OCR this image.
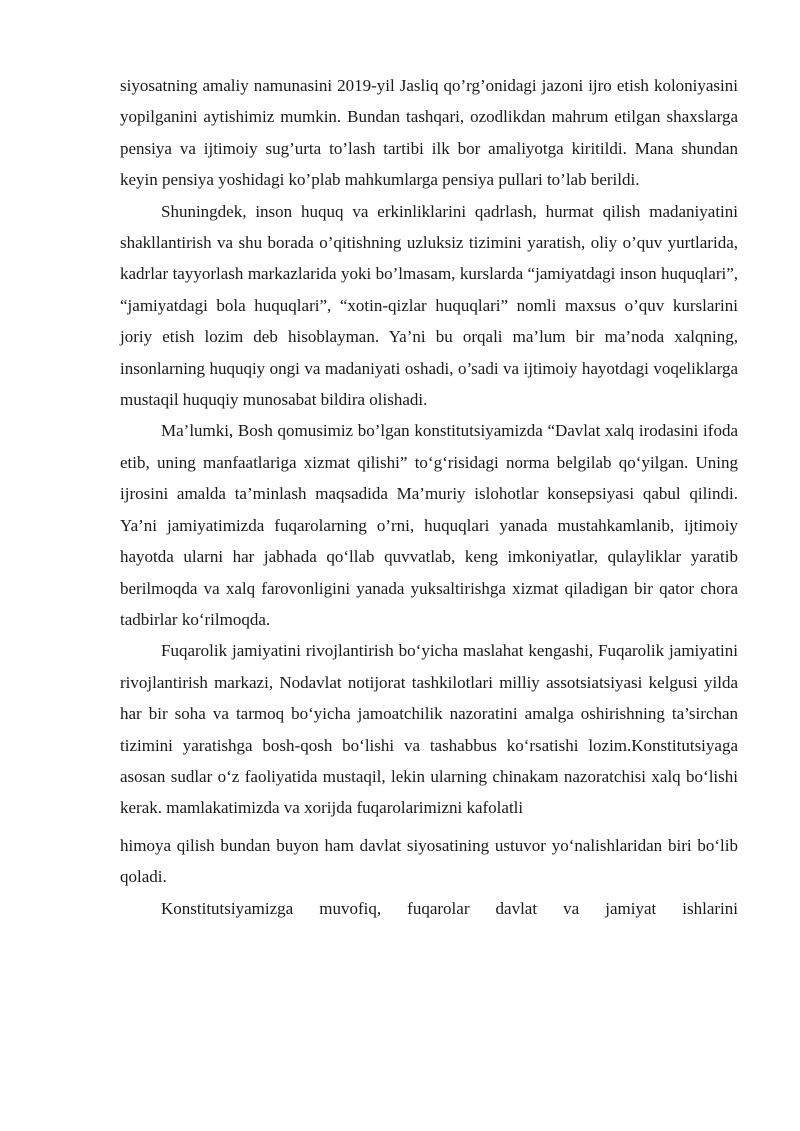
siyosatning amaliy namunasini 2019-yil Jasliq qo’rg’onidagi jazoni ijro etish koloniyasini yopilganini aytishimiz mumkin. Bundan tashqari, ozodlikdan mahrum etilgan shaxslarga pensiya va ijtimoiy sug’urta to’lash tartibi ilk bor amaliyotga kiritildi. Mana shundan keyin pensiya yoshidagi ko’plab mahkumlarga pensiya pullari to’lab berildi.

Shuningdek, inson huquq va erkinliklarini qadrlash, hurmat qilish madaniyatini shakllantirish va shu borada o’qitishning uzluksiz tizimini yaratish, oliy o’quv yurtlarida, kadrlar tayyorlash markazlarida yoki bo’lmasam, kurslarda “jamiyatdagi inson huquqlari”, “jamiyatdagi bola huquqlari”, “xotin-qizlar huquqlari” nomli maxsus o’quv kurslarini joriy etish lozim deb hisoblayman. Ya’ni bu orqali ma’lum bir ma’noda xalqning, insonlarning huquqiy ongi va madaniyati oshadi, o’sadi va ijtimoiy hayotdagi voqeliklarga mustaqil huquqiy munosabat bildira olishadi.

Ma’lumki, Bosh qomusimiz bo’lgan konstitutsiyamizda “Davlat xalq irodasini ifoda etib, uning manfaatlariga xizmat qilishi” to‘g‘risidagi norma belgilab qo‘yilgan. Uning ijrosini amalda ta’minlash maqsadida Ma’muriy islohotlar konsepsiyasi qabul qilindi. Ya’ni jamiyatimizda fuqarolarning o’rni, huquqlari yanada mustahkamlanib, ijtimoiy hayotda ularni har jabhada qo‘llab quvvatlab, keng imkoniyatlar, qulayliklar yaratib berilmoqda va xalq farovonligini yanada yuksaltirishga xizmat qiladigan bir qator chora tadbirlar ko‘rilmoqda.

Fuqarolik jamiyatini rivojlantirish bo‘yicha maslahat kengashi, Fuqarolik jamiyatini rivojlantirish markazi, Nodavlat notijorat tashkilotlari milliy assotsiatsiyasi kelgusi yilda har bir soha va tarmoq bo‘yicha jamoatchilik nazoratini amalga oshirishning ta’sirchan tizimini yaratishga bosh-qosh bo‘lishi va tashabbus ko‘rsatishi lozim.Konstitutsiyaga asosan sudlar o‘z faoliyatida mustaqil, lekin ularning chinakam nazoratchisi xalq bo‘lishi kerak. mamlakatimizda va xorijda fuqarolarimizni kafolatli

himoya qilish bundan buyon ham davlat siyosatining ustuvor yo‘nalishlaridan biri bo‘lib qoladi.

Konstitutsiyamizga muvofiq, fuqarolar davlat va jamiyat ishlarini
